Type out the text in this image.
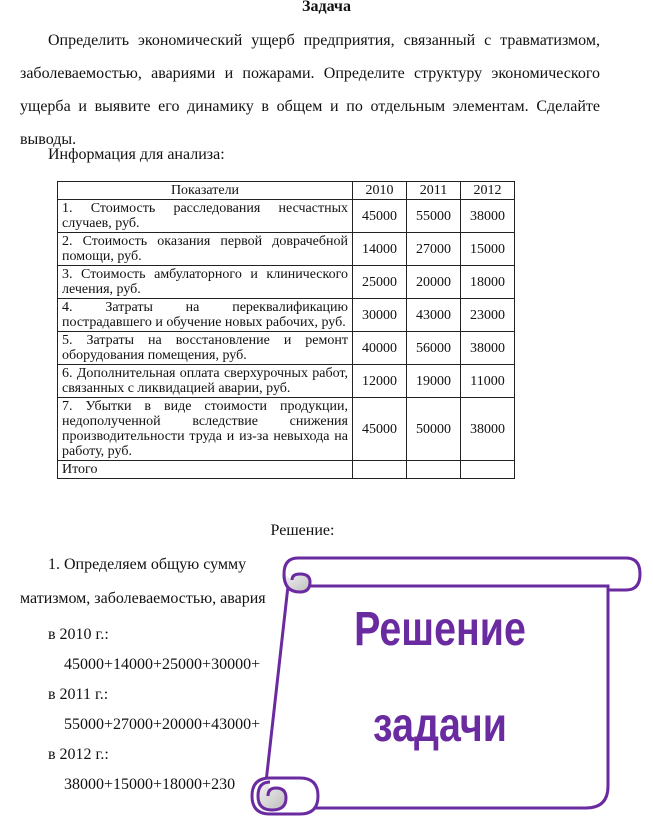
Задача
Определить экономический ущерб предприятия, связанный с травматизмом, заболеваемостью, авариями и пожарами. Определите структуру экономического ущерба и выявите его динамику в общем и по отдельным элементам. Сделайте выводы.
Информация для анализа:
Показатели	2010	2011	2012
1. Стоимость расследования несчастных случаев, руб.	45000	55000	38000
2. Стоимость оказания первой доврачебной помощи, руб.	14000	27000	15000
3. Стоимость амбулаторного и клинического лечения, руб.	25000	20000	18000
4. Затраты на переквалификацию пострадавшего и обучение новых рабочих, руб.	30000	43000	23000
5. Затраты на восстановление и ремонт оборудования помещения, руб.	40000	56000	38000
6. Дополнительная оплата сверхурочных работ, связанных с ликвидацией аварии, руб.	12000	19000	11000
7. Убытки в виде стоимости продукции, недополученной вследствие снижения производительности труда и из-за невыхода на работу, руб.	45000	50000	38000
Итого			
Решение:
1. Определяем общую сумму
матизмом, заболеваемостью, авария
в 2010 г.:
45000+14000+25000+30000+
в 2011 г.:
55000+27000+20000+43000+
в 2012 г.:
38000+15000+18000+230
Решение
задачи
